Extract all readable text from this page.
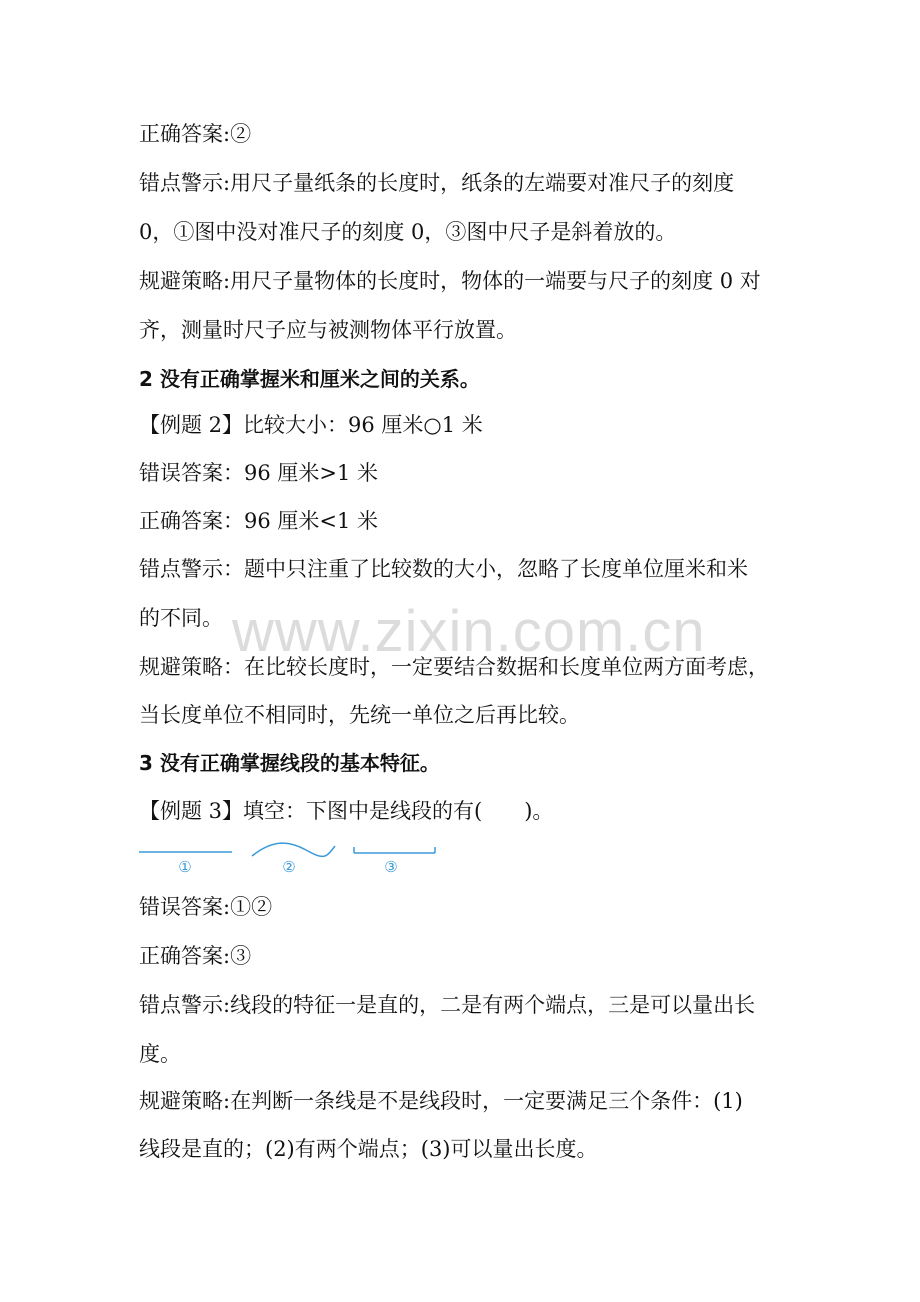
www.zixin.com.cn
正确答案:②
错点警示:用尺子量纸条的长度时，纸条的左端要对准尺子的刻度
0，①图中没对准尺子的刻度 0，③图中尺子是斜着放的。
规避策略:用尺子量物体的长度时，物体的一端要与尺子的刻度 0 对
齐，测量时尺子应与被测物体平行放置。
2 没有正确掌握米和厘米之间的关系。
【例题 2】比较大小：96 厘米○1 米
错误答案：96 厘米>1 米
正确答案：96 厘米<1 米
错点警示：题中只注重了比较数的大小，忽略了长度单位厘米和米
的不同。
规避策略：在比较长度时，一定要结合数据和长度单位两方面考虑，
当长度单位不相同时，先统一单位之后再比较。
3 没有正确掌握线段的基本特征。
【例题 3】填空：下图中是线段的有(　　)。
①	②	③
错误答案:①②
正确答案:③
错点警示:线段的特征一是直的，二是有两个端点，三是可以量出长
度。
规避策略:在判断一条线是不是线段时，一定要满足三个条件：(1)
线段是直的；(2)有两个端点；(3)可以量出长度。
